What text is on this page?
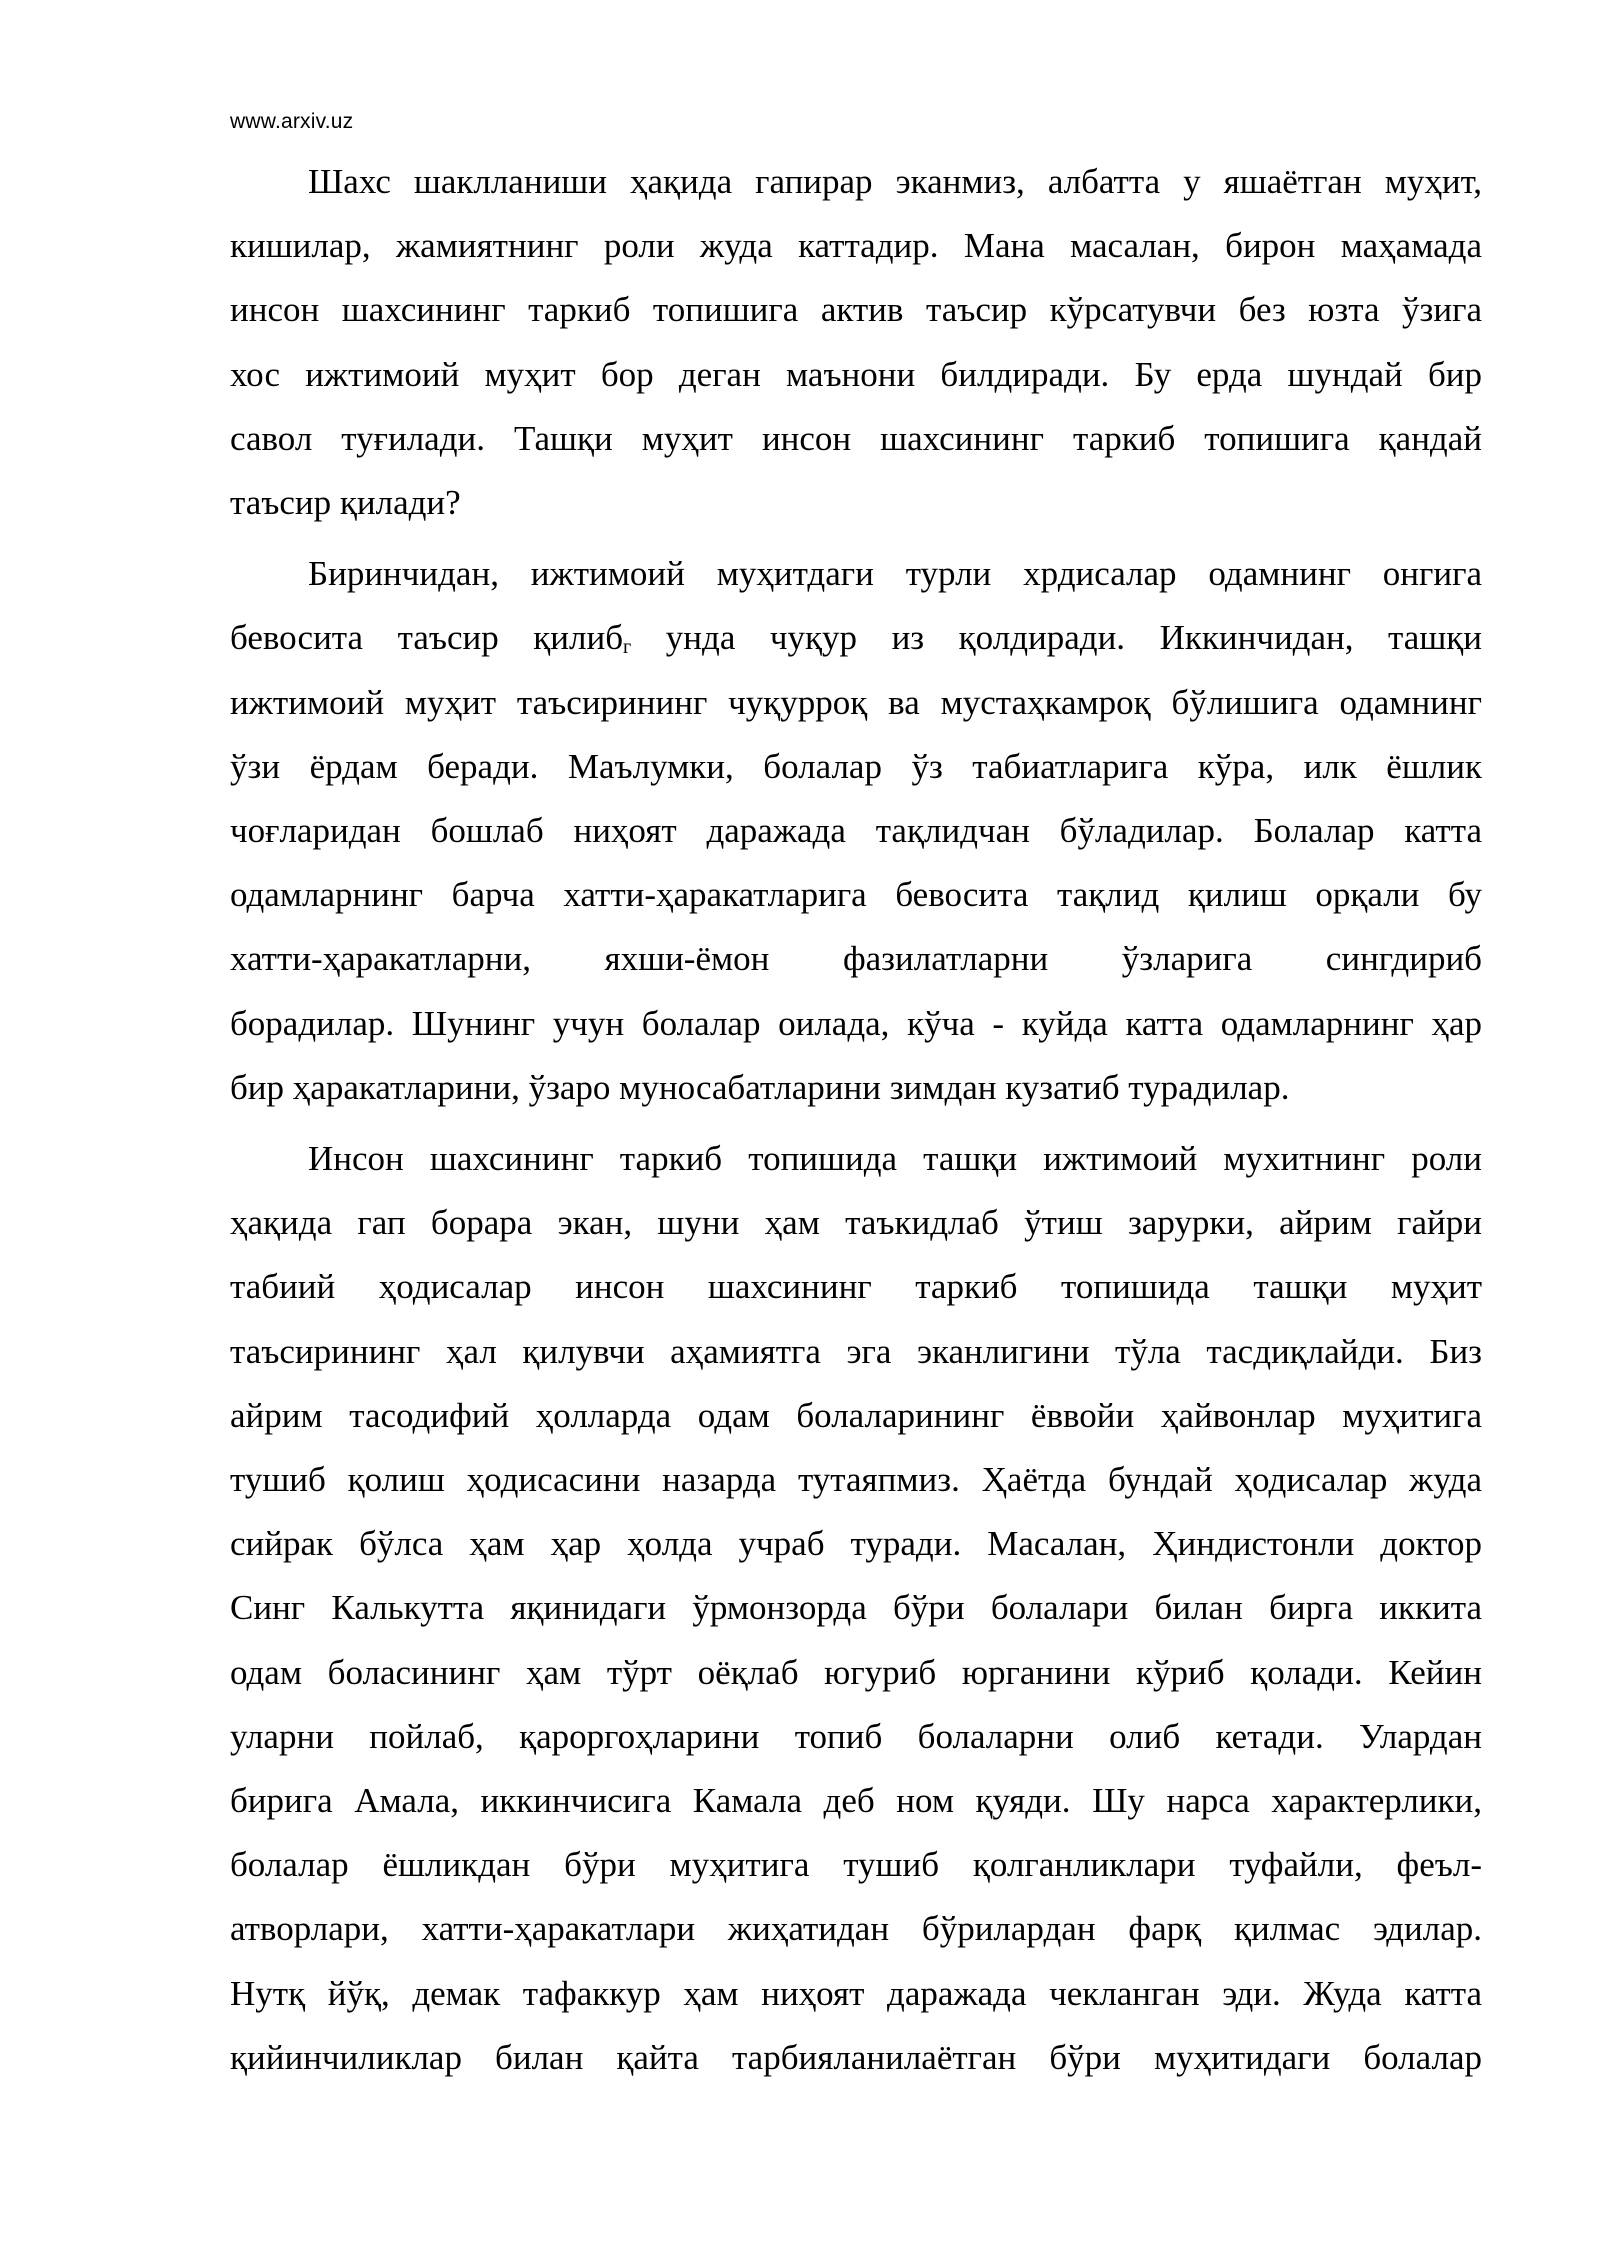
www.arxiv.uz
Шахс шаклланиши ҳақида гапирар эканмиз, албатта у яшаётган муҳит,
кишилар, жамиятнинг роли жуда каттадир. Мана масалан, бирон маҳамада
инсон шахсининг таркиб топишига актив таъсир кўрсатувчи без юзта ўзига
хос ижтимоий муҳит бор деган маънони билдиради. Бу ерда шундай бир
савол туғилади. Ташқи муҳит инсон шахсининг таркиб топишига қандай
таъсир қилади?
Биринчидан, ижтимоий муҳитдаги турли хрдисалар одамнинг онгига
бевосита таъсир қилиб$_г$ унда чуқур из қолдиради. Иккинчидан, ташқи
ижтимоий муҳит таъсирининг чуқурроқ ва мустаҳкамроқ бўлишига одамнинг
ўзи ёрдам беради. Маълумки, болалар ўз табиатларига кўра, илк ёшлик
чоғларидан бошлаб ниҳоят даражада тақлидчан бўладилар. Болалар катта
одамларнинг барча хатти-ҳаракатларига бевосита тақлид қилиш орқали бу
хатти-ҳаракатларни, яхши-ёмон фазилатларни ўзларига сингдириб
борадилар. Шунинг учун болалар оилада, кўча - куйда катта одамларнинг ҳар
бир ҳаракатларини, ўзаро муносабатларини зимдан кузатиб турадилар.
Инсон шахсининг таркиб топишида ташқи ижтимоий мухитнинг роли
ҳақида гап борара экан, шуни ҳам таъкидлаб ўтиш зарурки, айрим гайри
табиий ҳодисалар инсон шахсининг таркиб топишида ташқи муҳит
таъсирининг ҳал қилувчи аҳамиятга эга эканлигини тўла тасдиқлайди. Биз
айрим тасодифий ҳолларда одам болаларининг ёввойи ҳайвонлар муҳитига
тушиб қолиш ҳодисасини назарда тутаяпмиз. Ҳаётда бундай ҳодисалар жуда
сийрак бўлса ҳам ҳар ҳолда учраб туради. Масалан, Ҳиндистонли доктор
Синг Калькутта яқинидаги ўрмонзорда бўри болалари билан бирга иккита
одам боласининг ҳам тўрт оёқлаб югуриб юрганини кўриб қолади. Кейин
уларни пойлаб, қароргоҳларини топиб болаларни олиб кетади. Улардан
бирига Амала, иккинчисига Камала деб ном қуяди. Шу нарса характерлики,
болалар ёшликдан бўри муҳитига тушиб қолганликлари туфайли, феъл-
атворлари, хатти-ҳаракатлари жиҳатидан бўрилардан фарқ қилмас эдилар.
Нутқ йўқ, демак тафаккур ҳам ниҳоят даражада чекланган эди. Жуда катта
қийинчиликлар билан қайта тарбияланилаётган бўри муҳитидаги болалар
